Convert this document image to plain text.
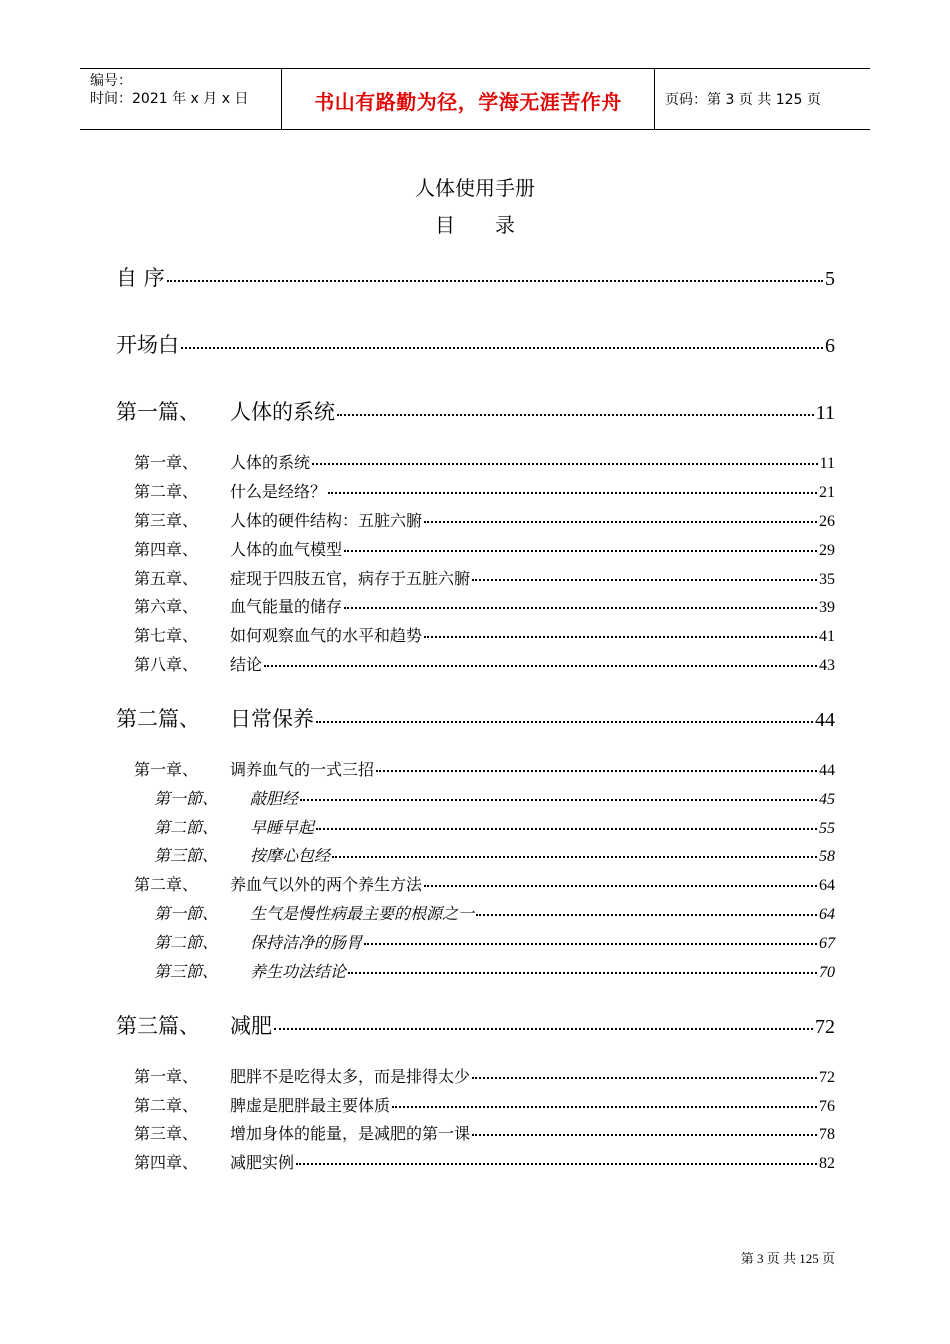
编号：
时间：2021 年 x 月 x 日	书山有路勤为径，学海无涯苦作舟	页码：第 3 页 共 125 页
人体使用手册
目录
自 序	5
开场白	6
第一篇、	人体的系统	11
第一章、	人体的系统	11
第二章、	什么是经络？	21
第三章、	人体的硬件结构：五脏六腑	26
第四章、	人体的血气模型	29
第五章、	症现于四肢五官，病存于五脏六腑	35
第六章、	血气能量的储存	39
第七章、	如何观察血气的水平和趋势	41
第八章、	结论	43
第二篇、	日常保养	44
第一章、	调养血气的一式三招	44
第一節、	敲胆经	45
第二節、	早睡早起	55
第三節、	按摩心包经	58
第二章、	养血气以外的两个养生方法	64
第一節、	生气是慢性病最主要的根源之一	64
第二節、	保持洁净的肠胃	67
第三節、	养生功法结论	70
第三篇、	减肥	72
第一章、	肥胖不是吃得太多，而是排得太少	72
第二章、	脾虚是肥胖最主要体质	76
第三章、	增加身体的能量，是减肥的第一课	78
第四章、	减肥实例	82
第 3 页 共 125 页
